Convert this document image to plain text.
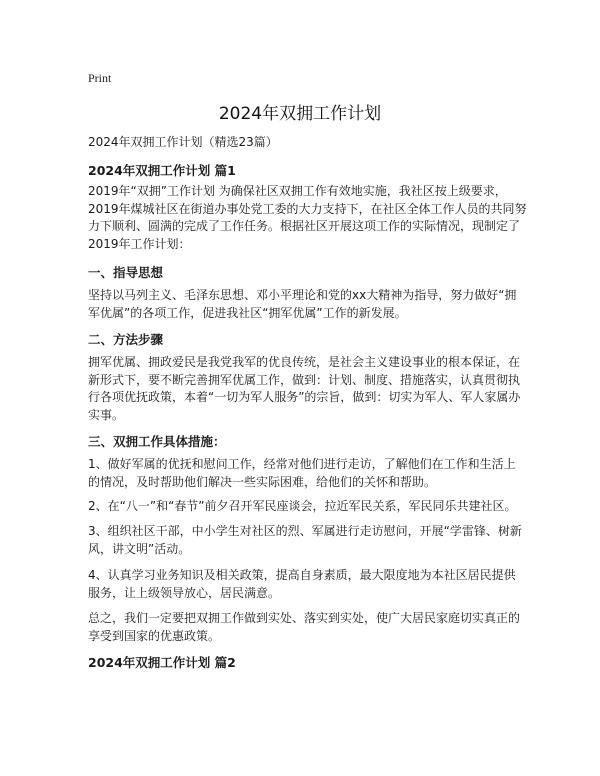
Print
2024年双拥工作计划
2024年双拥工作计划（精选23篇）
2024年双拥工作计划 篇1
2019年“双拥”工作计划 为确保社区双拥工作有效地实施，我社区按上级要求，
2019年煤城社区在街道办事处党工委的大力支持下，在社区全体工作人员的共同努
力下顺利、圆满的完成了工作任务。根据社区开展这项工作的实际情况，现制定了
2019年工作计划：
一、指导思想
坚持以马列主义、毛泽东思想、邓小平理论和党的xx大精神为指导，努力做好“拥
军优属”的各项工作，促进我社区“拥军优属”工作的新发展。
二、方法步骤
拥军优属、拥政爱民是我党我军的优良传统，是社会主义建设事业的根本保证，在
新形式下，要不断完善拥军优属工作，做到：计划、制度、措施落实，认真贯彻执
行各项优抚政策，本着“一切为军人服务”的宗旨，做到：切实为军人、军人家属办
实事。
三、双拥工作具体措施：
1、做好军属的优抚和慰问工作，经常对他们进行走访，了解他们在工作和生活上
的情况，及时帮助他们解决一些实际困难，给他们的关怀和帮助。
2、在“八一”和“春节”前夕召开军民座谈会，拉近军民关系，军民同乐共建社区。
3、组织社区干部，中小学生对社区的烈、军属进行走访慰问，开展“学雷锋、树新
风，讲文明”活动。
4、认真学习业务知识及相关政策，提高自身素质，最大限度地为本社区居民提供
服务，让上级领导放心，居民满意。
总之，我们一定要把双拥工作做到实处、落实到实处，使广大居民家庭切实真正的
享受到国家的优惠政策。
2024年双拥工作计划 篇2
